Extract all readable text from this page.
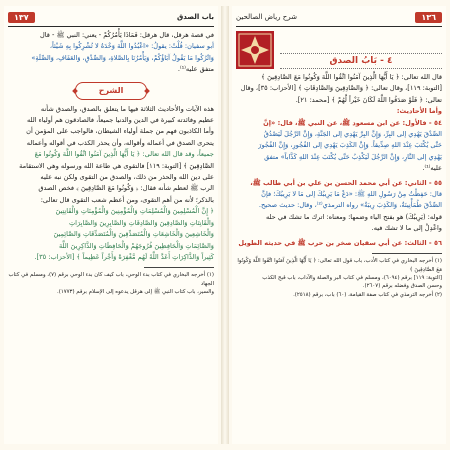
١٣٦
شرح رياض الصالحين
٤ - بَابُ الصدق

قال الله تعالى: ﴿ يَا أَيُّهَا الَّذِينَ آمَنُوا اتَّقُوا اللَّهَ وَكُونُوا مَعَ الصَّادِقِينَ ﴾

[التوبة: ١١٩]، وقال تعالى: ﴿ وَالصَّادِقِينَ وَالصَّادِقَاتِ ﴾ [الأحزاب: ٣٥]، وقال

تعالى: ﴿ فَلَوْ صَدَقُوا اللَّهَ لَكَانَ خَيْراً لَّهُمْ ﴾ [محمد: ٢١].

وأما الأحاديث:

٥٤ - فالأول: عن ابن مسعود ﷺ، عن النبي ﷺ، قال: «إنَّ

الصِّدْقَ يَهْدِي إلى البِرِّ، وَإِنَّ البِرَّ يَهْدِي إلى الجَنَّةِ، وَإِنَّ الرَّجُلَ لَيَصْدُقُ

حَتَّى يُكْتَبَ عِنْدَ اللهِ صِدِّيقاً. وَإِنَّ الكَذِبَ يَهْدِي إلى الفُجُورِ، وَإِنَّ الفُجُورَ

يَهْدِي إلى النَّارِ، وَإِنَّ الرَّجُلَ لَيَكْذِبُ حَتَّى يُكْتَبَ عِنْدَ اللهِ كَذَّاباً» متفق

عليه⁽¹⁾.

٥٥ - الثاني: عن أبي محمد الحسن بن علي بن أبي طالب ﷺ،

قال: حَفِظْتُ مِنْ رَسُولِ اللهِ ﷺ: «دَعْ مَا يَرِيبُكَ إلى مَا لا يَرِيبُكَ؛ فإنَّ

الصِّدْقَ طُمَأْنِينَةٌ، وَالكَذِبَ رِيبَةٌ» رواه الترمذي⁽²⁾، وقال: حديث صحيح.

قوله: (يَرِيبُكَ) هو بفتح الياء وضمها: ومعناه: اترك ما تشك في حله

واعْدِلْ إلى ما لا تشك فيه.

٥٦ - الثالث: عن أبي سفيان صخر بن حرب ﷺ في حديثه الطويل

(١) أخرجه البخاري في كتاب الأدب، باب قول الله تعالى: ﴿ يَا أَيُّهَا الَّذِينَ آمَنُوا اتَّقُوا اللَّهَ وَكُونُوا مَعَ الصَّادِقِينَ ﴾

[التوبة: ١١٩] برقم (٦٠٩٤)، ومسلم في كتاب البر والصلة والآداب، باب قبح الكذب

وحسن الصدق وفضله برقم (٢٦٠٧).

(٢) أخرجه الترمذي في كتاب صفة القيامة، (٦٠) باب، برقم (٢٥١٨).

باب الصدق
١٣٧

في قصة هرقل، قال هرقل: فَمَاذَا يَأْمُرُكُمْ - يعني: النبي ﷺ - قال

أبو سفيان: قُلْتُ: يقولُ: «اعْبُدُوا اللَّهَ وَحْدَهُ لا تُشْرِكُوا بِهِ شَيْئاً،

وَاتْرُكُوا مَا يَقُولُ آبَاؤُكُمْ، وَيَأْمُرُنَا بِالصَّلاةِ، وَالصِّدْقِ، وَالعَفَافِ، وَالصِّلَةِ»

متفق عليه⁽¹⁾.

الشرح

هذه الآيات والأحاديث الثلاثة فيها ما يتعلق بالصدق، والصدق شأنه

عظيم وفائدته كبيرة في الدين والدنيا جميعاً، فالصادقون هم أولياء الله

وأما الكاذبون فهم من جملة أولياء الشيطان، فالواجب على المؤمن أن

يتحرى الصدق في أعماله وأقواله، وأن يحذر الكذب في أقواله وأعماله

جميعاً، وقد قال الله تعالى: ﴿ يَا أَيُّهَا الَّذِينَ آمَنُوا اتَّقُوا اللَّهَ وَكُونُوا مَعَ

الصَّادِقِينَ ﴾ [التوبة: ١١٩] فالتقوى هي طاعة الله ورسوله وهي الاستقامة

على دين الله والحذر من ذلك، والصدق من التقوى ولكن نبه عليه

الرب ﷺ لعظم شأنه فقال: ﴿ وَكُونُوا مَعَ الصَّادِقِينَ ﴾ فخص الصدق

بالذكر؛ لأنه من أهم التقوى، ومن أعظم شعب التقوى قال تعالى:

﴿ إِنَّ الْمُسْلِمِينَ وَالْمُسْلِمَاتِ وَالْمُؤْمِنِينَ وَالْمُؤْمِنَاتِ وَالْقَانِتِينَ

وَالْقَانِتَاتِ وَالصَّادِقِينَ وَالصَّادِقَاتِ وَالصَّابِرِينَ وَالصَّابِرَاتِ

وَالْخَاشِعِينَ وَالْخَاشِعَاتِ وَالْمُتَصَدِّقِينَ وَالْمُتَصَدِّقَاتِ وَالصَّائِمِينَ

وَالصَّائِمَاتِ وَالْحَافِظِينَ فُرُوجَهُمْ وَالْحَافِظَاتِ وَالذَّاكِرِينَ اللَّهَ

كَثِيراً وَالذَّاكِرَاتِ أَعَدَّ اللَّهُ لَهُم مَّغْفِرَةً وَأَجْراً عَظِيماً ﴾ [الأحزاب: ٣٥].

(١) أخرجه البخاري في كتاب بدء الوحي، باب كيف كان بدء الوحي برقم (٧)، ومسلم في كتاب الجهاد

والسير، باب كتاب النبي ﷺ إلى هرقل يدعوه إلى الإسلام برقم (١٧٧٣).
